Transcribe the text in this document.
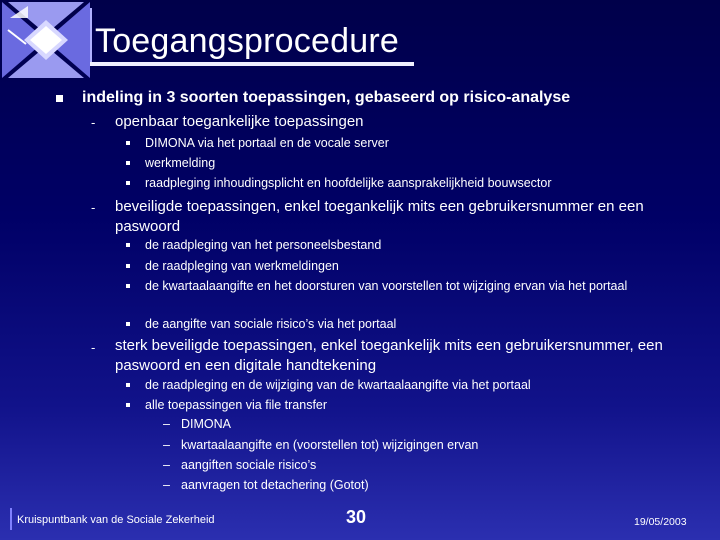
Toegangsprocedure
indeling in 3 soorten toepassingen, gebaseerd op risico-analyse
- openbaar toegankelijke toepassingen
DIMONA via het portaal en de vocale server
werkmelding
raadpleging inhoudingsplicht en hoofdelijke aansprakelijkheid bouwsector
- beveiligde toepassingen, enkel toegankelijk mits een gebruikersnummer en een paswoord
de raadpleging van het personeelsbestand
de raadpleging van werkmeldingen
de kwartaalaangifte en het doorsturen van voorstellen tot wijziging ervan via het portaal
de aangifte van sociale risico’s via het portaal
- sterk beveiligde toepassingen, enkel toegankelijk mits een gebruikersnummer, een paswoord en een digitale handtekening
de raadpleging en de wijziging van de kwartaalaangifte via het portaal
alle toepassingen via file transfer
– DIMONA
– kwartaalaangifte en (voorstellen tot) wijzigingen ervan
– aangiften sociale risico’s
– aanvragen tot detachering (Gotot)
Kruispuntbank van de Sociale Zekerheid	30	19/05/2003
